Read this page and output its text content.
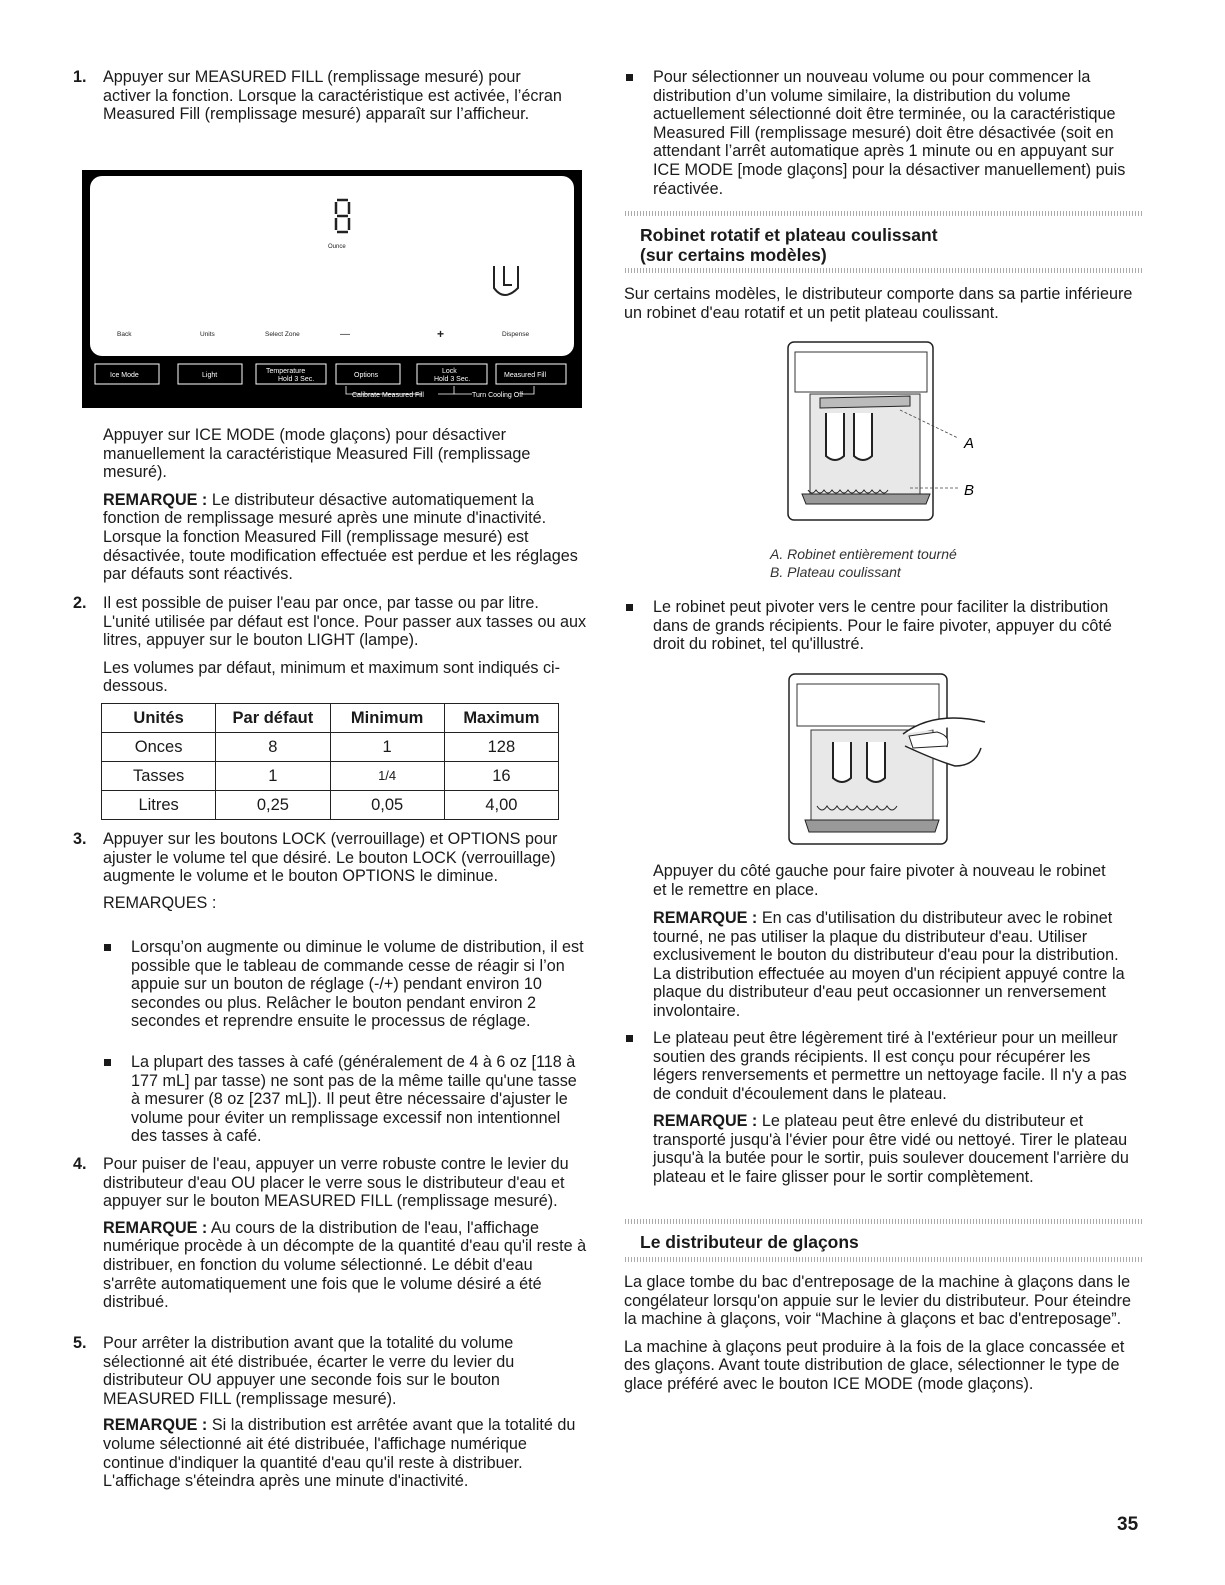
1. Appuyer sur MEASURED FILL (remplissage mesuré) pour activer la fonction. Lorsque la caractéristique est activée, l’écran Measured Fill (remplissage mesuré) apparaît sur l’afficheur.

Ounce
Back	Units	Select Zone	—	+	Dispense
Ice Mode	Light
Temperature
Hold 3 Sec.
Options
Lock
Hold 3 Sec.
Measured Fill
Calibrate Measured Fill	Turn Cooling Off

Appuyer sur ICE MODE (mode glaçons) pour désactiver manuellement la caractéristique Measured Fill (remplissage mesuré).

REMARQUE : Le distributeur désactive automatiquement la fonction de remplissage mesuré après une minute d'inactivité. Lorsque la fonction Measured Fill (remplissage mesuré) est désactivée, toute modification effectuée est perdue et les réglages par défauts sont réactivés.

2. Il est possible de puiser l'eau par once, par tasse ou par litre. L'unité utilisée par défaut est l'once. Pour passer aux tasses ou aux litres, appuyer sur le bouton LIGHT (lampe).

Les volumes par défaut, minimum et maximum sont indiqués ci-dessous.

Unités	Par défaut	Minimum	Maximum
Onces	8	1	128
Tasses	1	1/4	16
Litres	0,25	0,05	4,00
3. Appuyer sur les boutons LOCK (verrouillage) et OPTIONS pour ajuster le volume tel que désiré. Le bouton LOCK (verrouillage) augmente le volume et le bouton OPTIONS le diminue.

REMARQUES :

Lorsqu’on augmente ou diminue le volume de distribution, il est possible que le tableau de commande cesse de réagir si l’on appuie sur un bouton de réglage (-/+) pendant environ 10 secondes ou plus. Relâcher le bouton pendant environ 2 secondes et reprendre ensuite le processus de réglage.

La plupart des tasses à café (généralement de 4 à 6 oz [118 à 177 mL] par tasse) ne sont pas de la même taille qu'une tasse à mesurer (8 oz [237 mL]). Il peut être nécessaire d'ajuster le volume pour éviter un remplissage excessif non intentionnel des tasses à café.

4. Pour puiser de l'eau, appuyer un verre robuste contre le levier du distributeur d'eau OU placer le verre sous le distributeur d'eau et appuyer sur le bouton MEASURED FILL (remplissage mesuré).

REMARQUE : Au cours de la distribution de l'eau, l'affichage numérique procède à un décompte de la quantité d'eau qu'il reste à distribuer, en fonction du volume sélectionné. Le débit d'eau s'arrête automatiquement une fois que le volume désiré a été distribué.

5. Pour arrêter la distribution avant que la totalité du volume sélectionné ait été distribuée, écarter le verre du levier du distributeur OU appuyer une seconde fois sur le bouton MEASURED FILL (remplissage mesuré).

REMARQUE : Si la distribution est arrêtée avant que la totalité du volume sélectionné ait été distribuée, l'affichage numérique continue d'indiquer la quantité d'eau qu'il reste à distribuer. L'affichage s'éteindra après une minute d'inactivité.

Pour sélectionner un nouveau volume ou pour commencer la distribution d’un volume similaire, la distribution du volume actuellement sélectionné doit être terminée, ou la caractéristique Measured Fill (remplissage mesuré) doit être désactivée (soit en attendant l’arrêt automatique après 1 minute ou en appuyant sur ICE MODE [mode glaçons] pour la désactiver manuellement) puis réactivée.

Robinet rotatif et plateau coulissant

(sur certains modèles)

Sur certains modèles, le distributeur comporte dans sa partie inférieure un robinet d'eau rotatif et un petit plateau coulissant.

A
B

A. Robinet entièrement tourné

B. Plateau coulissant

Le robinet peut pivoter vers le centre pour faciliter la distribution dans de grands récipients. Pour le faire pivoter, appuyer du côté droit du robinet, tel qu'illustré.

Appuyer du côté gauche pour faire pivoter à nouveau le robinet et le remettre en place.

REMARQUE : En cas d'utilisation du distributeur avec le robinet tourné, ne pas utiliser la plaque du distributeur d'eau. Utiliser exclusivement le bouton du distributeur d'eau pour la distribution. La distribution effectuée au moyen d'un récipient appuyé contre la plaque du distributeur d'eau peut occasionner un renversement involontaire.

Le plateau peut être légèrement tiré à l'extérieur pour un meilleur soutien des grands récipients. Il est conçu pour récupérer les légers renversements et permettre un nettoyage facile. Il n'y a pas de conduit d'écoulement dans le plateau.

REMARQUE : Le plateau peut être enlevé du distributeur et transporté jusqu'à l'évier pour être vidé ou nettoyé. Tirer le plateau jusqu'à la butée pour le sortir, puis soulever doucement l'arrière du plateau et le faire glisser pour le sortir complètement.

Le distributeur de glaçons

La glace tombe du bac d'entreposage de la machine à glaçons dans le congélateur lorsqu'on appuie sur le levier du distributeur. Pour éteindre la machine à glaçons, voir “Machine à glaçons et bac d'entreposage”.

La machine à glaçons peut produire à la fois de la glace concassée et des glaçons. Avant toute distribution de glace, sélectionner le type de glace préféré avec le bouton ICE MODE (mode glaçons).

35
